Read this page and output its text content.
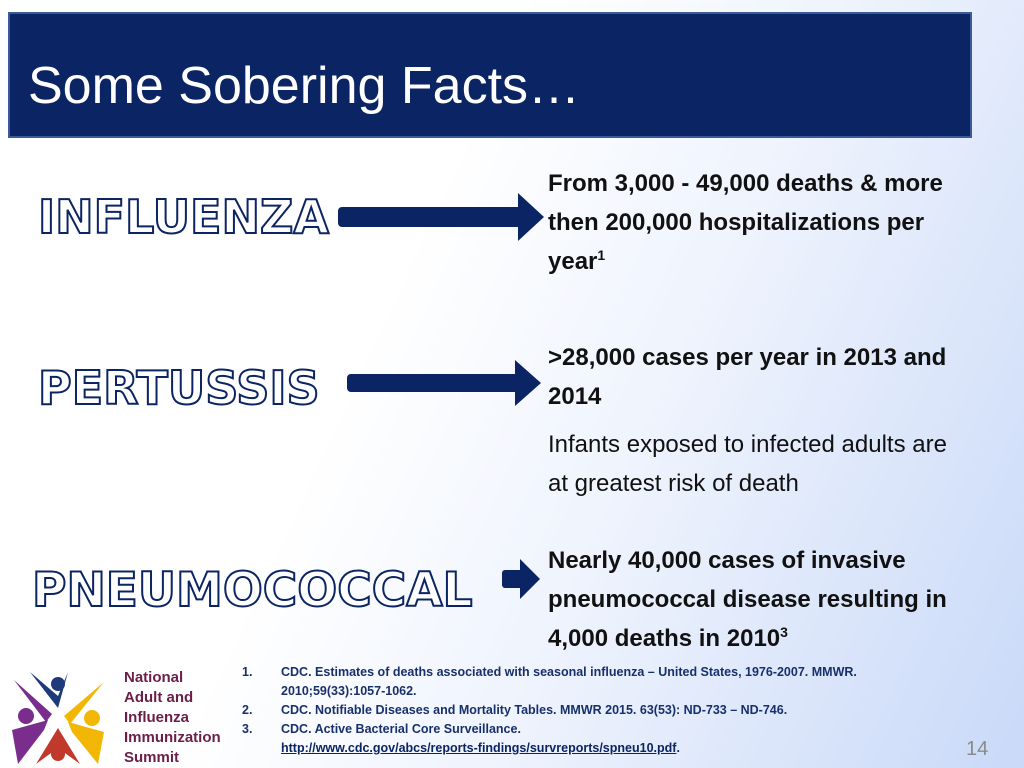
Some Sobering Facts…
INFLUENZA
From 3,000 - 49,000 deaths & more
then 200,000 hospitalizations per
year$^1$
PERTUSSIS
>28,000 cases per year in 2013 and
2014
Infants exposed to infected adults are
at greatest risk of death
PNEUMOCOCCAL
Nearly 40,000 cases of invasive
pneumococcal disease resulting in
4,000 deaths in 2010$^3$
National
Adult and
Influenza
Immunization
Summit
1.	CDC. Estimates of deaths associated with seasonal influenza – United States, 1976-2007. MMWR.
2010;59(33):1057-1062.
2.	CDC. Notifiable Diseases and Mortality Tables. MMWR 2015. 63(53): ND-733 – ND-746.
3.	CDC. Active Bacterial Core Surveillance.
http://www.cdc.gov/abcs/reports-findings/survreports/spneu10.pdf.	14
